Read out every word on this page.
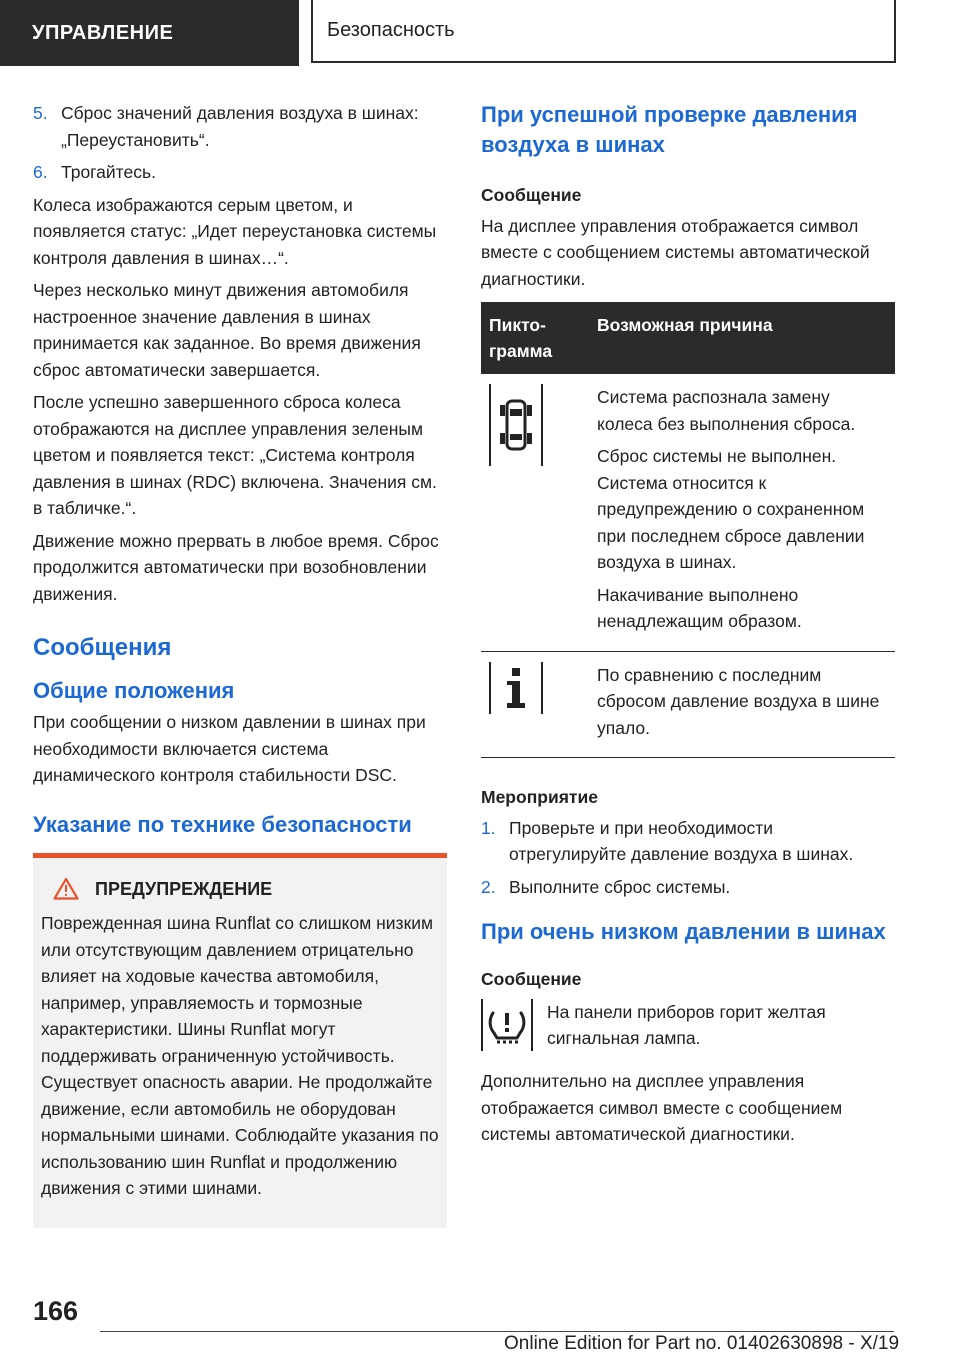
УПРАВЛЕНИЕ	Безопасность
5. Сброс значений давления воздуха в шинах: „Переустановить“.
6. Трогайтесь.

Колеса изображаются серым цветом, и появляется статус: „Идет переустановка системы контроля давления в шинах…“.

Через несколько минут движения автомобиля настроенное значение давления в шинах принимается как заданное. Во время движения сброс автоматически завершается.

После успешно завершенного сброса колеса отображаются на дисплее управления зеленым цветом и появляется текст: „Система контроля давления в шинах (RDC) включена. Значения см. в табличке.“.

Движение можно прервать в любое время. Сброс продолжится автоматически при возобновлении движения.

Сообщения
Общие положения

При сообщении о низком давлении в шинах при необходимости включается система динамического контроля стабильности DSC.

Указание по технике безопасности
ПРЕДУПРЕЖДЕНИЕ

Поврежденная шина Runflat со слишком низким или отсутствующим давлением отрицательно влияет на ходовые качества автомобиля, например, управляемость и тормозные характеристики. Шины Runflat могут поддерживать ограниченную устойчивость. Существует опасность аварии. Не продолжайте движение, если автомобиль не оборудован нормальными шинами. Соблюдайте указания по использованию шин Runflat и продолжению движения с этими шинами.

При успешной проверке давления воздуха в шинах
Сообщение

На дисплее управления отображается символ вместе с сообщением системы автоматической диагностики.

Пикто-грамма	Возможная причина

Система распознала замену колеса без выполнения сброса.

Сброс системы не выполнен. Система относится к предупреждению о сохраненном при последнем сбросе давлении воздуха в шинах.

Накачивание выполнено ненадлежащим образом.

По сравнению с последним сбросом давление воздуха в шине упало.

Мероприятие
1. Проверьте и при необходимости отрегулируйте давление воздуха в шинах.
2. Выполните сброс системы.
При очень низком давлении в шинах
Сообщение

На панели приборов горит желтая сигнальная лампа.

Дополнительно на дисплее управления отображается символ вместе с сообщением системы автоматической диагностики.

166
Online Edition for Part no. 01402630898 - X/19
